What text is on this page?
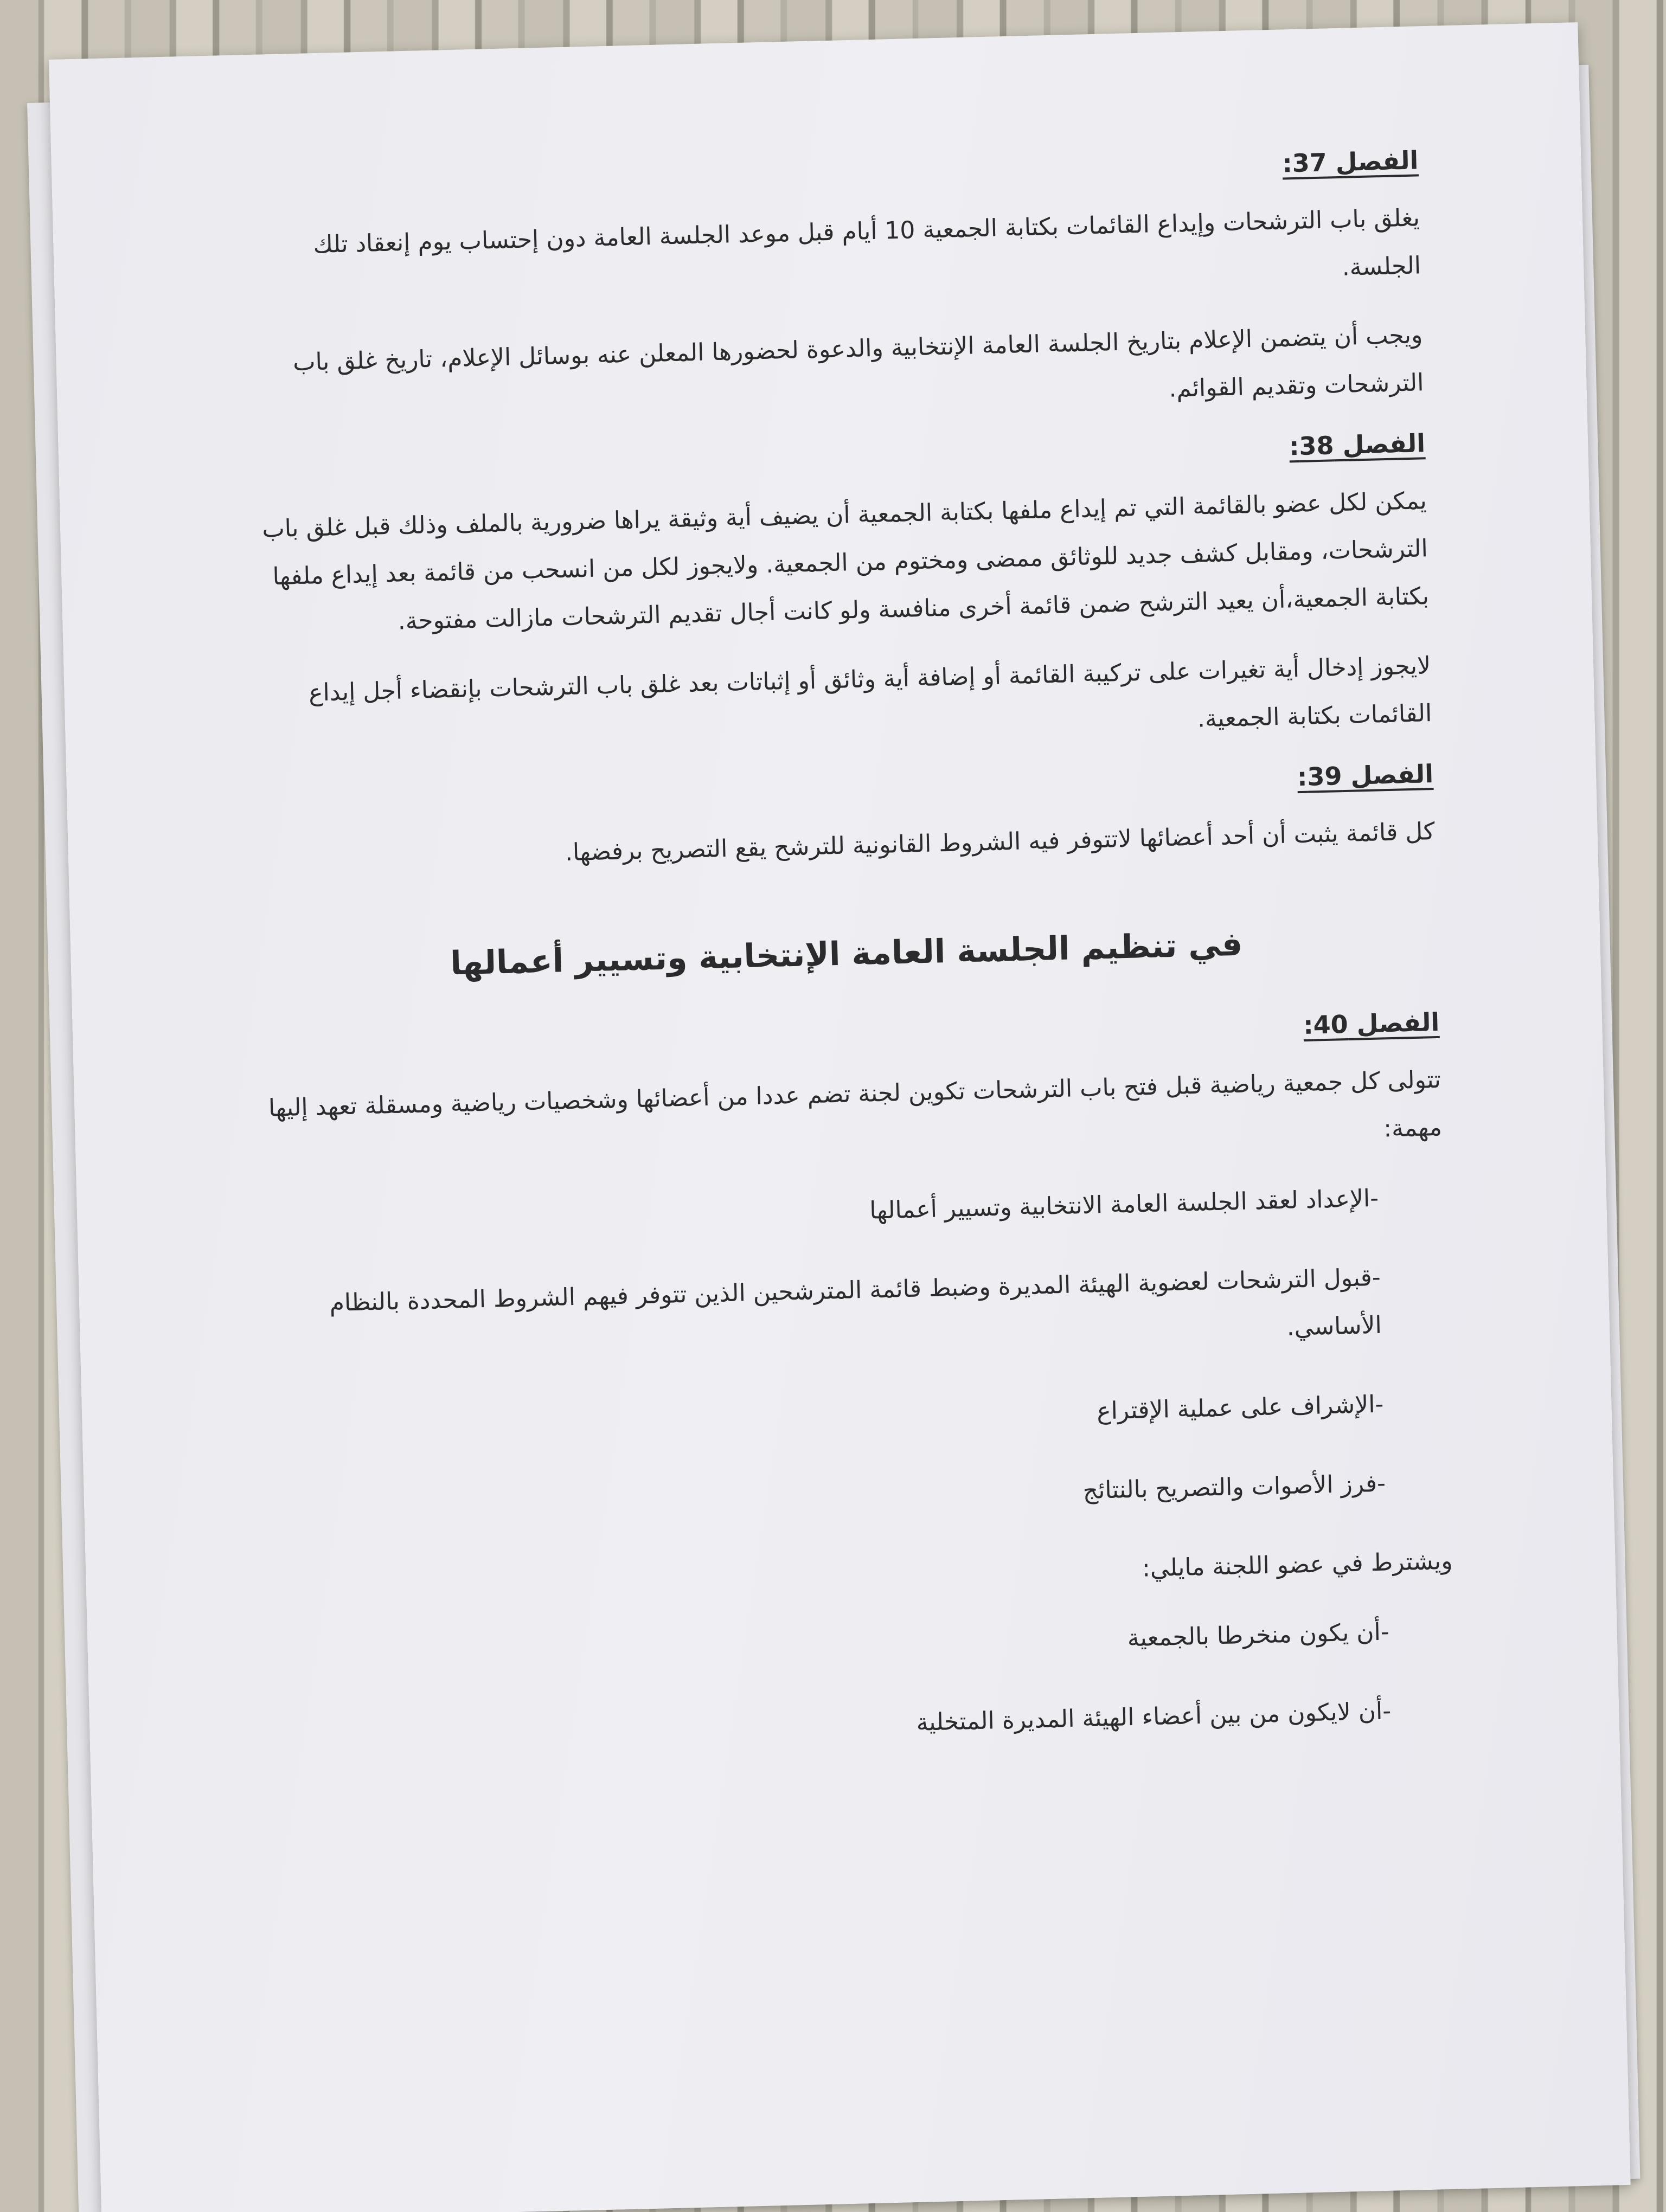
الفصل 37:

يغلق باب الترشحات وإيداع القائمات بكتابة الجمعية 10 أيام قبل موعد الجلسة العامة دون إحتساب يوم إنعقاد تلك الجلسة.

ويجب أن يتضمن الإعلام بتاريخ الجلسة العامة الإنتخابية والدعوة لحضورها المعلن عنه بوسائل الإعلام، تاريخ غلق باب الترشحات وتقديم القوائم.

الفصل 38:

يمكن لكل عضو بالقائمة التي تم إيداع ملفها بكتابة الجمعية أن يضيف أية وثيقة يراها ضرورية بالملف وذلك قبل غلق باب الترشحات، ومقابل كشف جديد للوثائق ممضى ومختوم من الجمعية. ولايجوز لكل من انسحب من قائمة بعد إيداع ملفها بكتابة الجمعية،أن يعيد الترشح ضمن قائمة أخرى منافسة ولو كانت أجال تقديم الترشحات مازالت مفتوحة.

لايجوز إدخال أية تغيرات على تركيبة القائمة أو إضافة أية وثائق أو إثباتات بعد غلق باب الترشحات بإنقضاء أجل إيداع القائمات بكتابة الجمعية.

الفصل 39:

كل قائمة يثبت أن أحد أعضائها لاتتوفر فيه الشروط القانونية للترشح يقع التصريح برفضها.

في تنظيم الجلسة العامة الإنتخابية وتسيير أعمالها
الفصل 40:

تتولى كل جمعية رياضية قبل فتح باب الترشحات تكوين لجنة تضم عددا من أعضائها وشخصيات رياضية ومسقلة تعهد إليها مهمة:

-الإعداد لعقد الجلسة العامة الانتخابية وتسيير أعمالها
-قبول الترشحات لعضوية الهيئة المديرة وضبط قائمة المترشحين الذين تتوفر فيهم الشروط المحددة بالنظام الأساسي.
-الإشراف على عملية الإقتراع
-فرز الأصوات والتصريح بالنتائج

ويشترط في عضو اللجنة مايلي:

-أن يكون منخرطا بالجمعية
-أن لايكون من بين أعضاء الهيئة المديرة المتخلية
